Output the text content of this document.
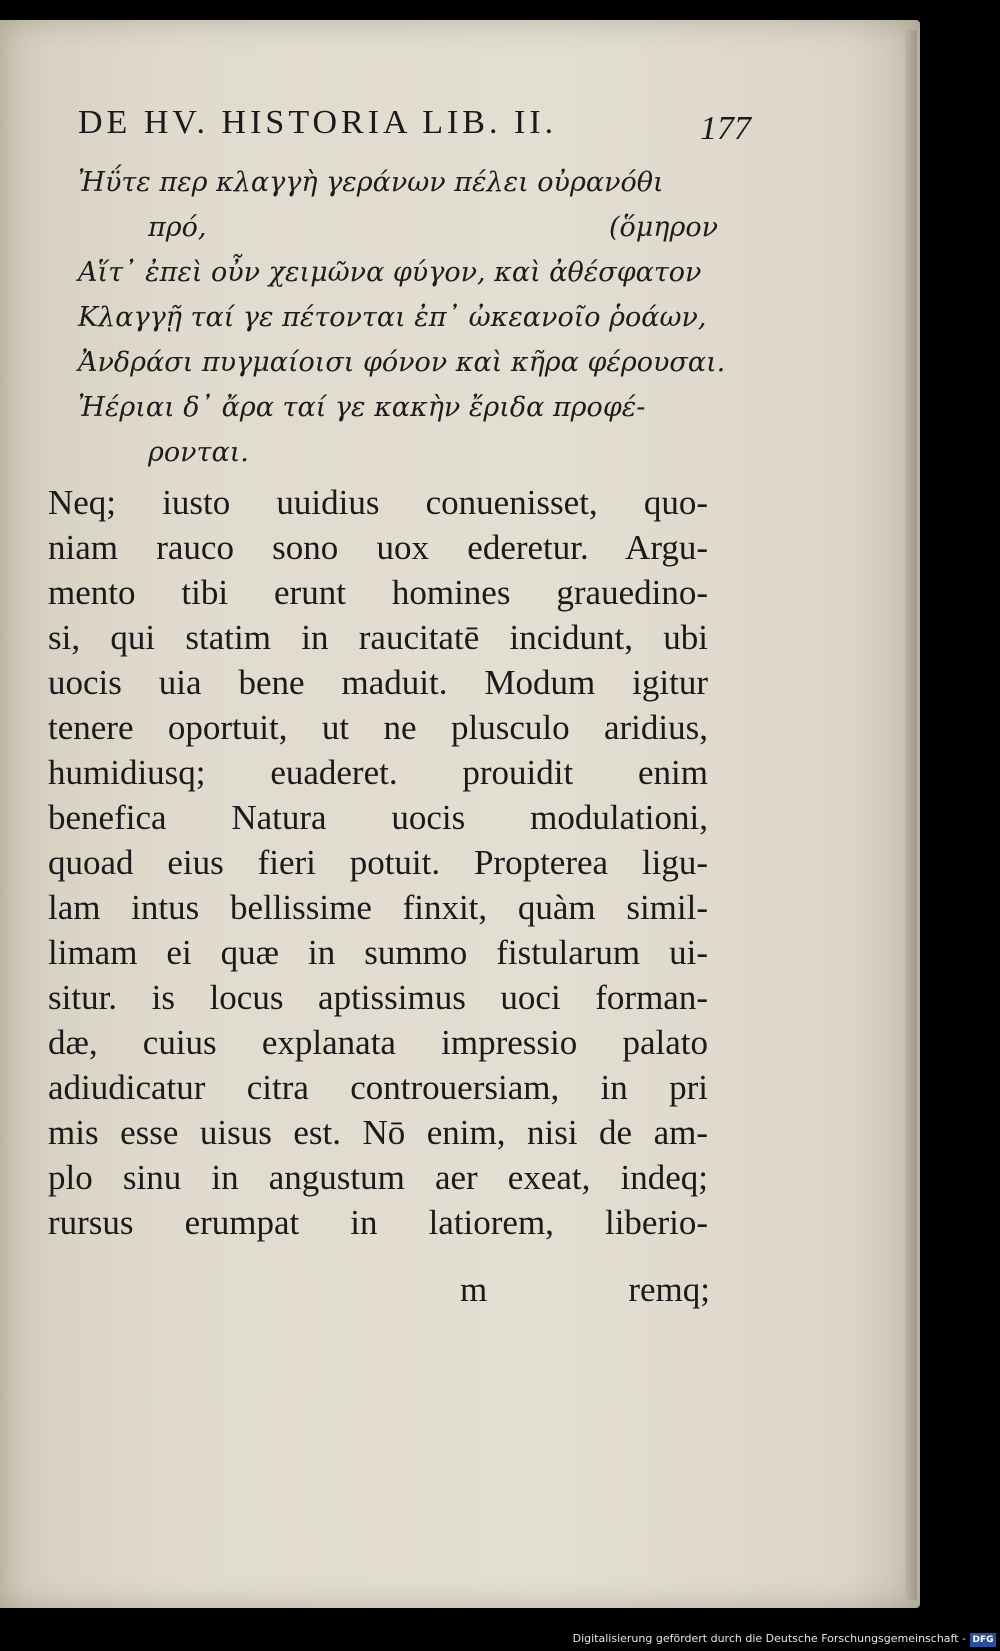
DE HV. HISTORIA LIB. II.	177
Ἠΰτε περ κλαγγὴ γεράνων πέλει οὐρανόθι
πρό,	(ὅμηρον
Αἵτ᾽ ἐπεὶ οὖν χειμῶνα φύγον, καὶ ἀθέσφατον
Κλαγγῇ ταί γε πέτονται ἐπ᾽ ὠκεανοῖο ῥοάων,
Ἀνδράσι πυγμαίοισι φόνον καὶ κῆρα φέρουσαι.
Ἠέριαι δ᾽ ἄρα ταί γε κακὴν ἔριδα προφέ-
ρονται.
Neq; iusto uuidius conuenisset, quo-
niam rauco sono uox ederetur. Argu-
mento tibi erunt homines grauedino-
si, qui statim in raucitatē incidunt, ubi
uocis uia bene maduit. Modum igitur
tenere oportuit, ut ne plusculo aridius,
humidiusq; euaderet. prouidit enim
benefica Natura uocis modulationi,
quoad eius fieri potuit. Propterea ligu-
lam intus bellissime finxit, quàm simil-
limam ei quæ in summo fistularum ui-
situr. is locus aptissimus uoci forman-
dæ, cuius explanata impressio palato
adiudicatur citra controuersiam, in pri
mis esse uisus est. Nō enim, nisi de am-
plo sinu in angustum aer exeat, indeq;
rursus erumpat in latiorem, liberio-
m	remq;
Digitalisierung gefördert durch die Deutsche Forschungsgemeinschaft - DFG
